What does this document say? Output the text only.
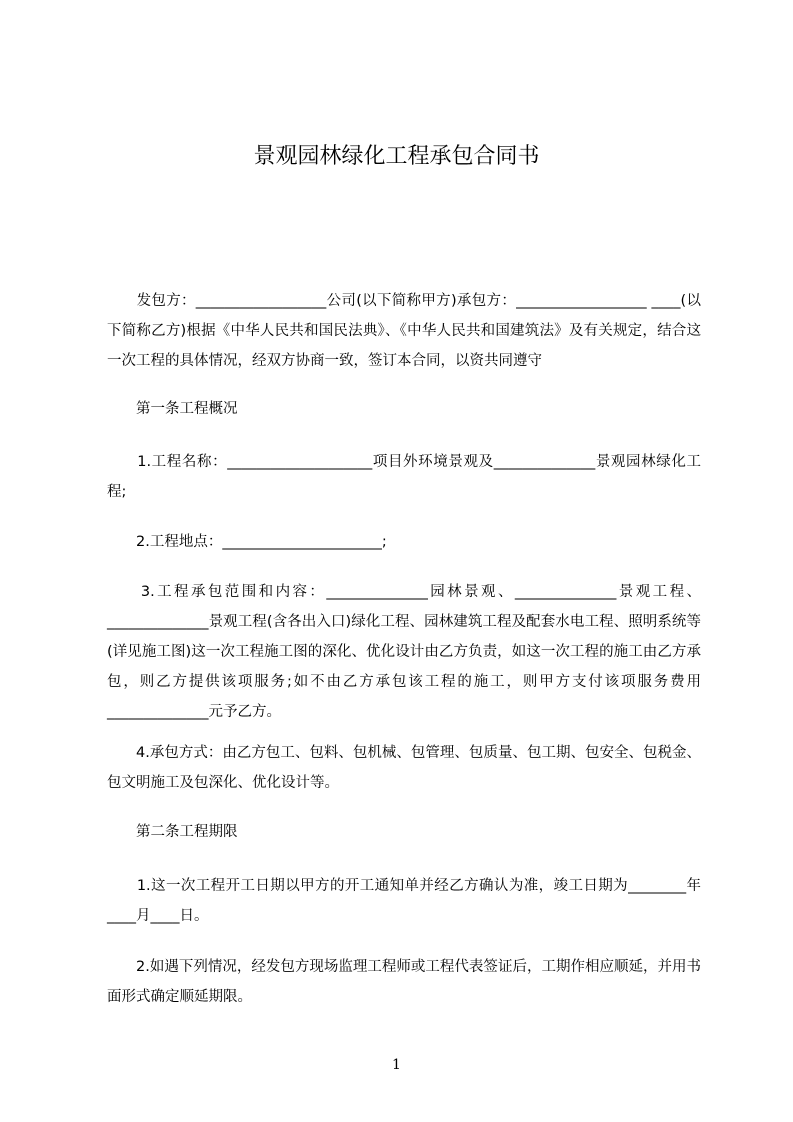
景观园林绿化工程承包合同书
　　发包方：__________________公司(以下简称甲方)承包方：__________________ ____(以下简称乙方)根据《中华人民共和国民法典》、《中华人民共和国建筑法》及有关规定，结合这一次工程的具体情况，经双方协商一致，签订本合同，以资共同遵守
　　第一条工程概况
　　1.工程名称：____________________项目外环境景观及______________景观园林绿化工程;
　　2.工程地点：______________________;
　　3.工程承包范围和内容：______________园林景观、______________景观工程、______________景观工程(含各出入口)绿化工程、园林建筑工程及配套水电工程、照明系统等(详见施工图)这一次工程施工图的深化、优化设计由乙方负责，如这一次工程的施工由乙方承包，则乙方提供该项服务;如不由乙方承包该工程的施工，则甲方支付该项服务费用______________元予乙方。
　　4.承包方式：由乙方包工、包料、包机械、包管理、包质量、包工期、包安全、包税金、包文明施工及包深化、优化设计等。
　　第二条工程期限
　　1.这一次工程开工日期以甲方的开工通知单并经乙方确认为准，竣工日期为________年____月____日。
　　2.如遇下列情况，经发包方现场监理工程师或工程代表签证后，工期作相应顺延，并用书面形式确定顺延期限。
1
